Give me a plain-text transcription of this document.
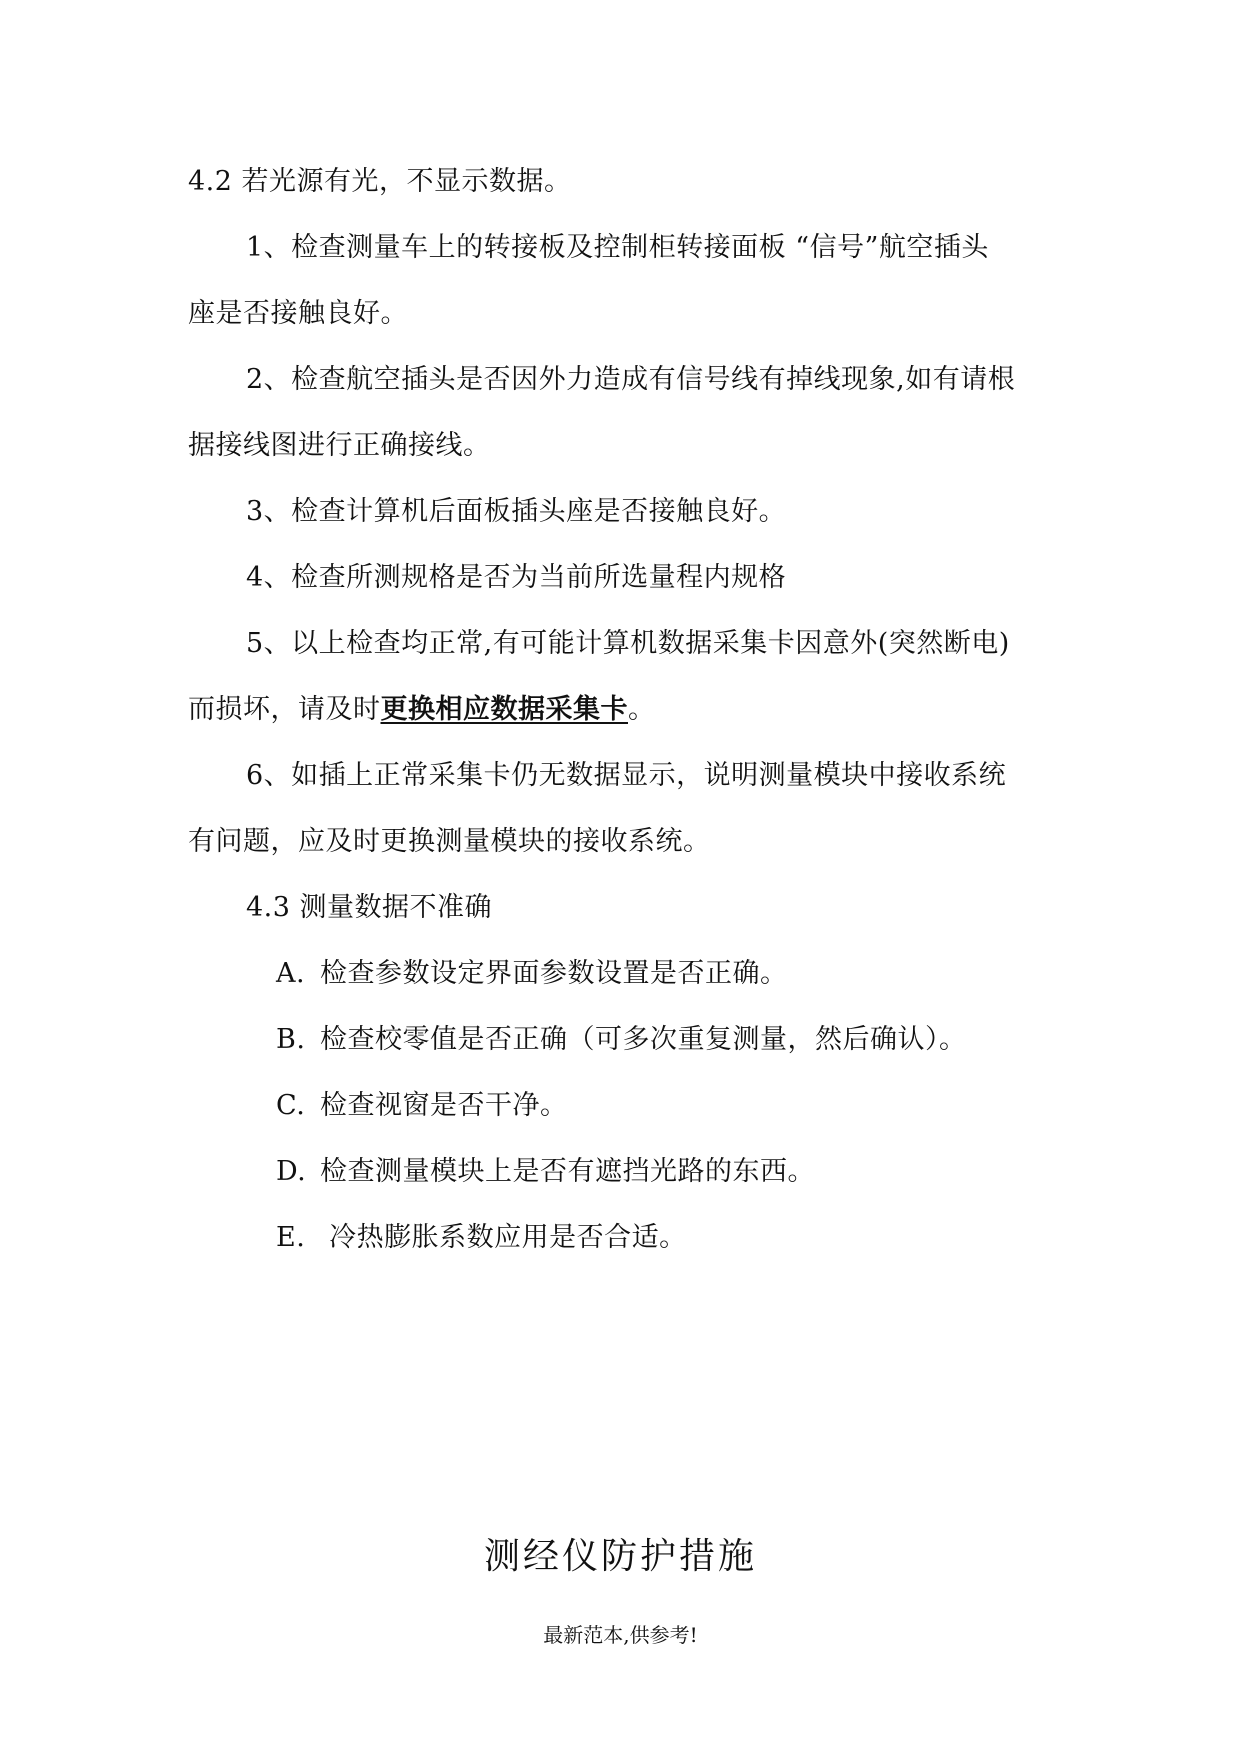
4.2 若光源有光，不显示数据。
1、检查测量车上的转接板及控制柜转接面板 “信号”航空插头
座是否接触良好。
2、检查航空插头是否因外力造成有信号线有掉线现象,如有请根
据接线图进行正确接线。
3、检查计算机后面板插头座是否接触良好。
4、检查所测规格是否为当前所选量程内规格
5、以上检查均正常,有可能计算机数据采集卡因意外(突然断电)
而损坏，请及时更换相应数据采集卡。
6、如插上正常采集卡仍无数据显示，说明测量模块中接收系统
有问题，应及时更换测量模块的接收系统。
4.3 测量数据不准确
A. 检查参数设定界面参数设置是否正确。
B. 检查校零值是否正确（可多次重复测量，然后确认）。
C. 检查视窗是否干净。
D. 检查测量模块上是否有遮挡光路的东西。
E. 冷热膨胀系数应用是否合适。
测经仪防护措施
最新范本,供参考!
